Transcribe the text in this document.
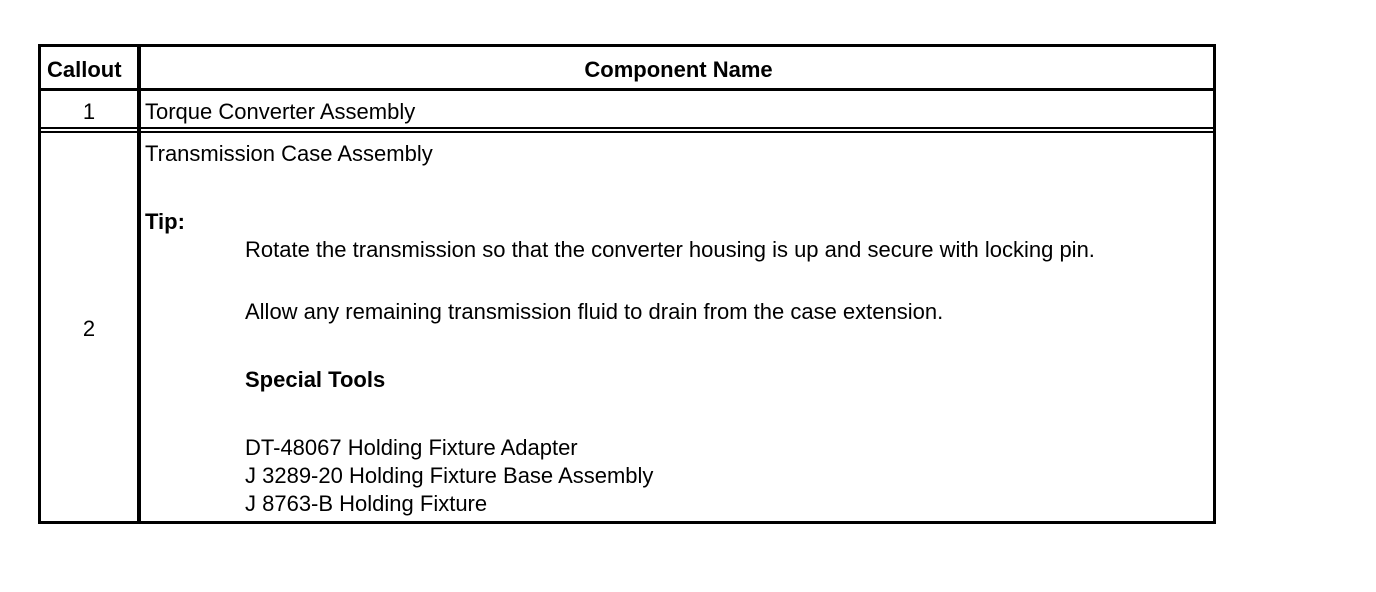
Callout	Component Name
1	Torque Converter Assembly
2
Transmission Case Assembly
Tip:
Rotate the transmission so that the converter housing is up and secure with locking pin.
Allow any remaining transmission fluid to drain from the case extension.
Special Tools
DT-48067 Holding Fixture Adapter
J 3289-20 Holding Fixture Base Assembly
J 8763-B Holding Fixture
